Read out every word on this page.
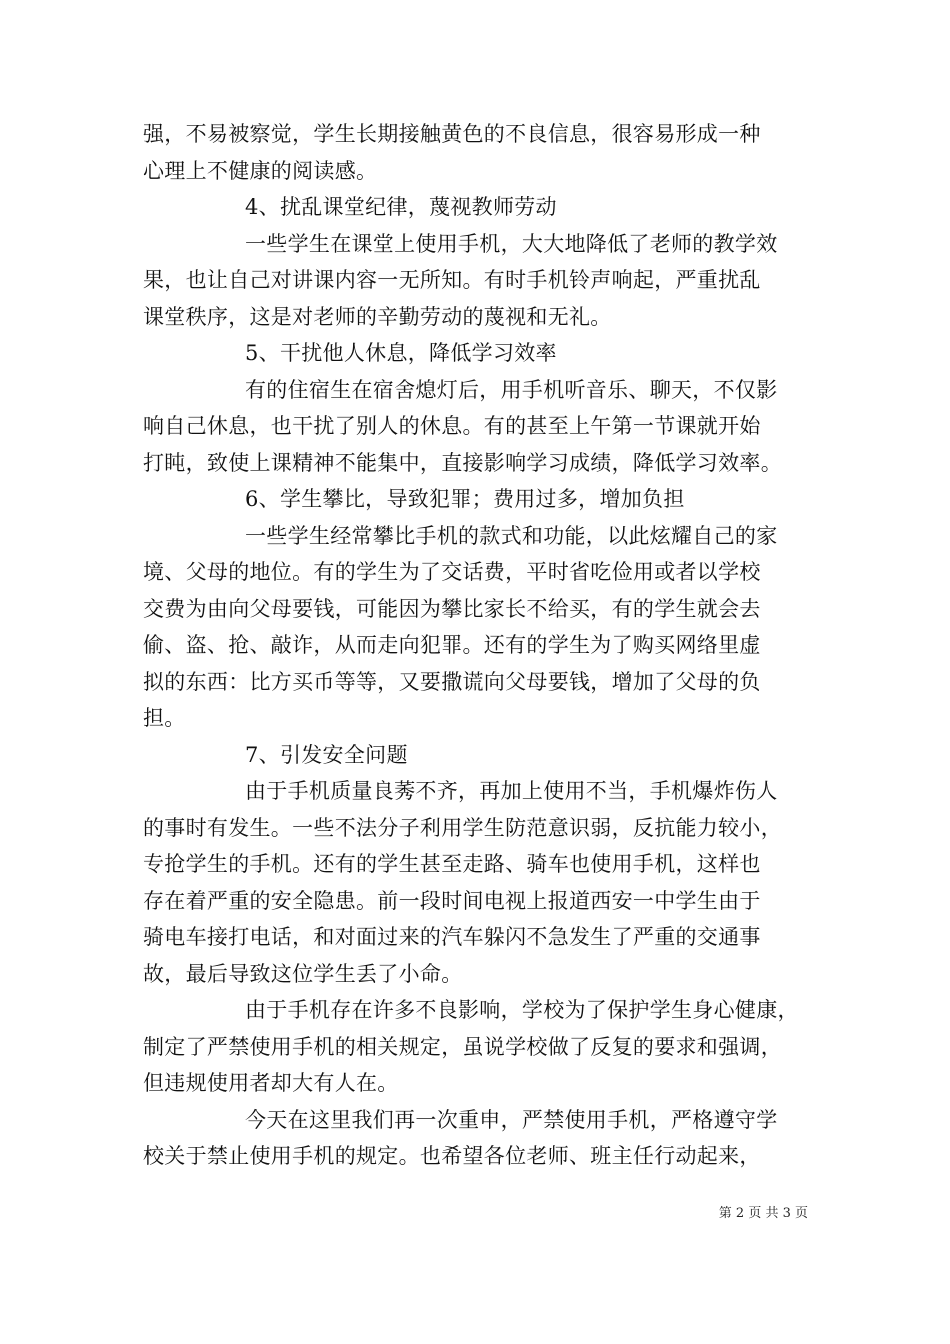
强，不易被察觉，学生长期接触黄色的不良信息，很容易形成一种
心理上不健康的阅读感。
4、扰乱课堂纪律，蔑视教师劳动
一些学生在课堂上使用手机，大大地降低了老师的教学效
果，也让自己对讲课内容一无所知。有时手机铃声响起，严重扰乱
课堂秩序，这是对老师的辛勤劳动的蔑视和无礼。
5、干扰他人休息，降低学习效率
有的住宿生在宿舍熄灯后，用手机听音乐、聊天，不仅影
响自己休息，也干扰了别人的休息。有的甚至上午第一节课就开始
打盹，致使上课精神不能集中，直接影响学习成绩，降低学习效率。
6、学生攀比，导致犯罪；费用过多，增加负担
一些学生经常攀比手机的款式和功能，以此炫耀自己的家
境、父母的地位。有的学生为了交话费，平时省吃俭用或者以学校
交费为由向父母要钱，可能因为攀比家长不给买，有的学生就会去
偷、盗、抢、敲诈，从而走向犯罪。还有的学生为了购买网络里虚
拟的东西：比方买币等等，又要撒谎向父母要钱，增加了父母的负
担。
7、引发安全问题
由于手机质量良莠不齐，再加上使用不当，手机爆炸伤人
的事时有发生。一些不法分子利用学生防范意识弱，反抗能力较小，
专抢学生的手机。还有的学生甚至走路、骑车也使用手机，这样也
存在着严重的安全隐患。前一段时间电视上报道西安一中学生由于
骑电车接打电话，和对面过来的汽车躲闪不急发生了严重的交通事
故，最后导致这位学生丢了小命。
由于手机存在许多不良影响，学校为了保护学生身心健康，
制定了严禁使用手机的相关规定，虽说学校做了反复的要求和强调，
但违规使用者却大有人在。
今天在这里我们再一次重申，严禁使用手机，严格遵守学
校关于禁止使用手机的规定。也希望各位老师、班主任行动起来，
第 2 页 共 3 页
